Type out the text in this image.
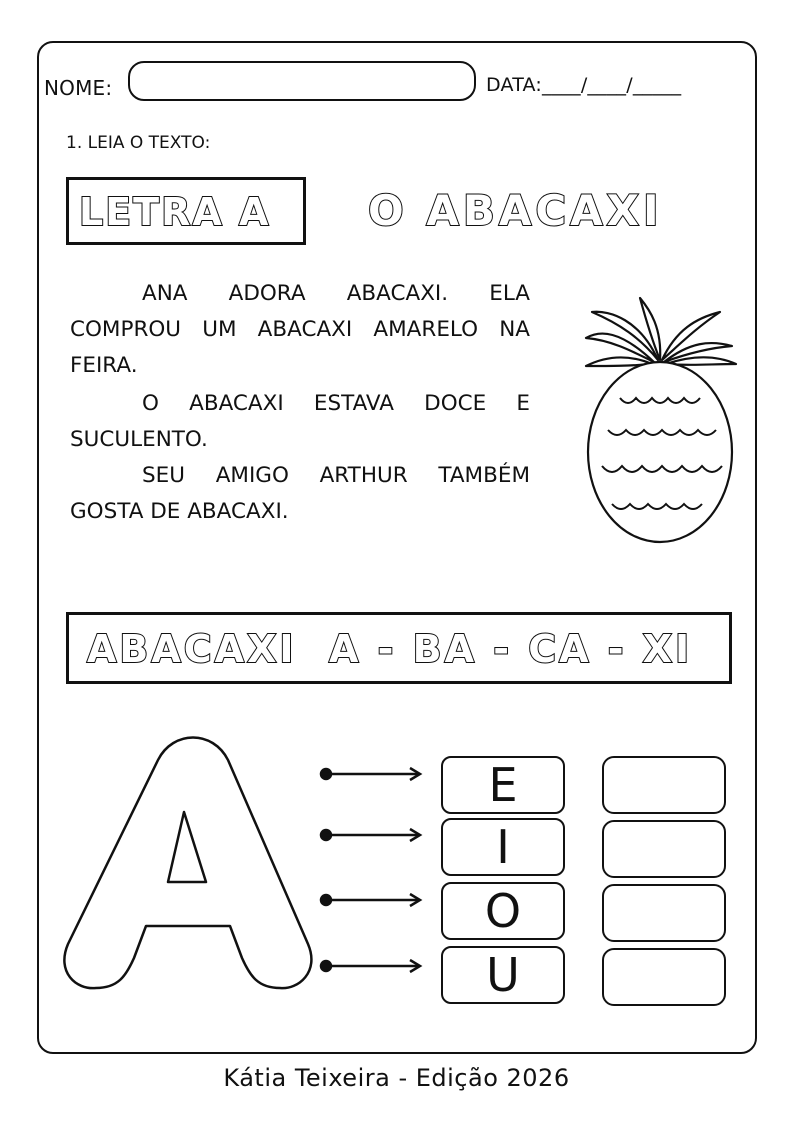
NOME:	DATA:____/____/_____
1. LEIA O TEXTO:
LETRA A O ABACAXI

ANA ADORA ABACAXI. ELA COMPROU UM ABACAXI AMARELO NA FEIRA.

O ABACAXI ESTAVA DOCE E SUCULENTO.

SEU AMIGO ARTHUR TAMBÉM GOSTA DE ABACAXI.

ABACAXI  A - BA - CA - XI
E
I
O
U
Kátia Teixeira - Edição 2026
